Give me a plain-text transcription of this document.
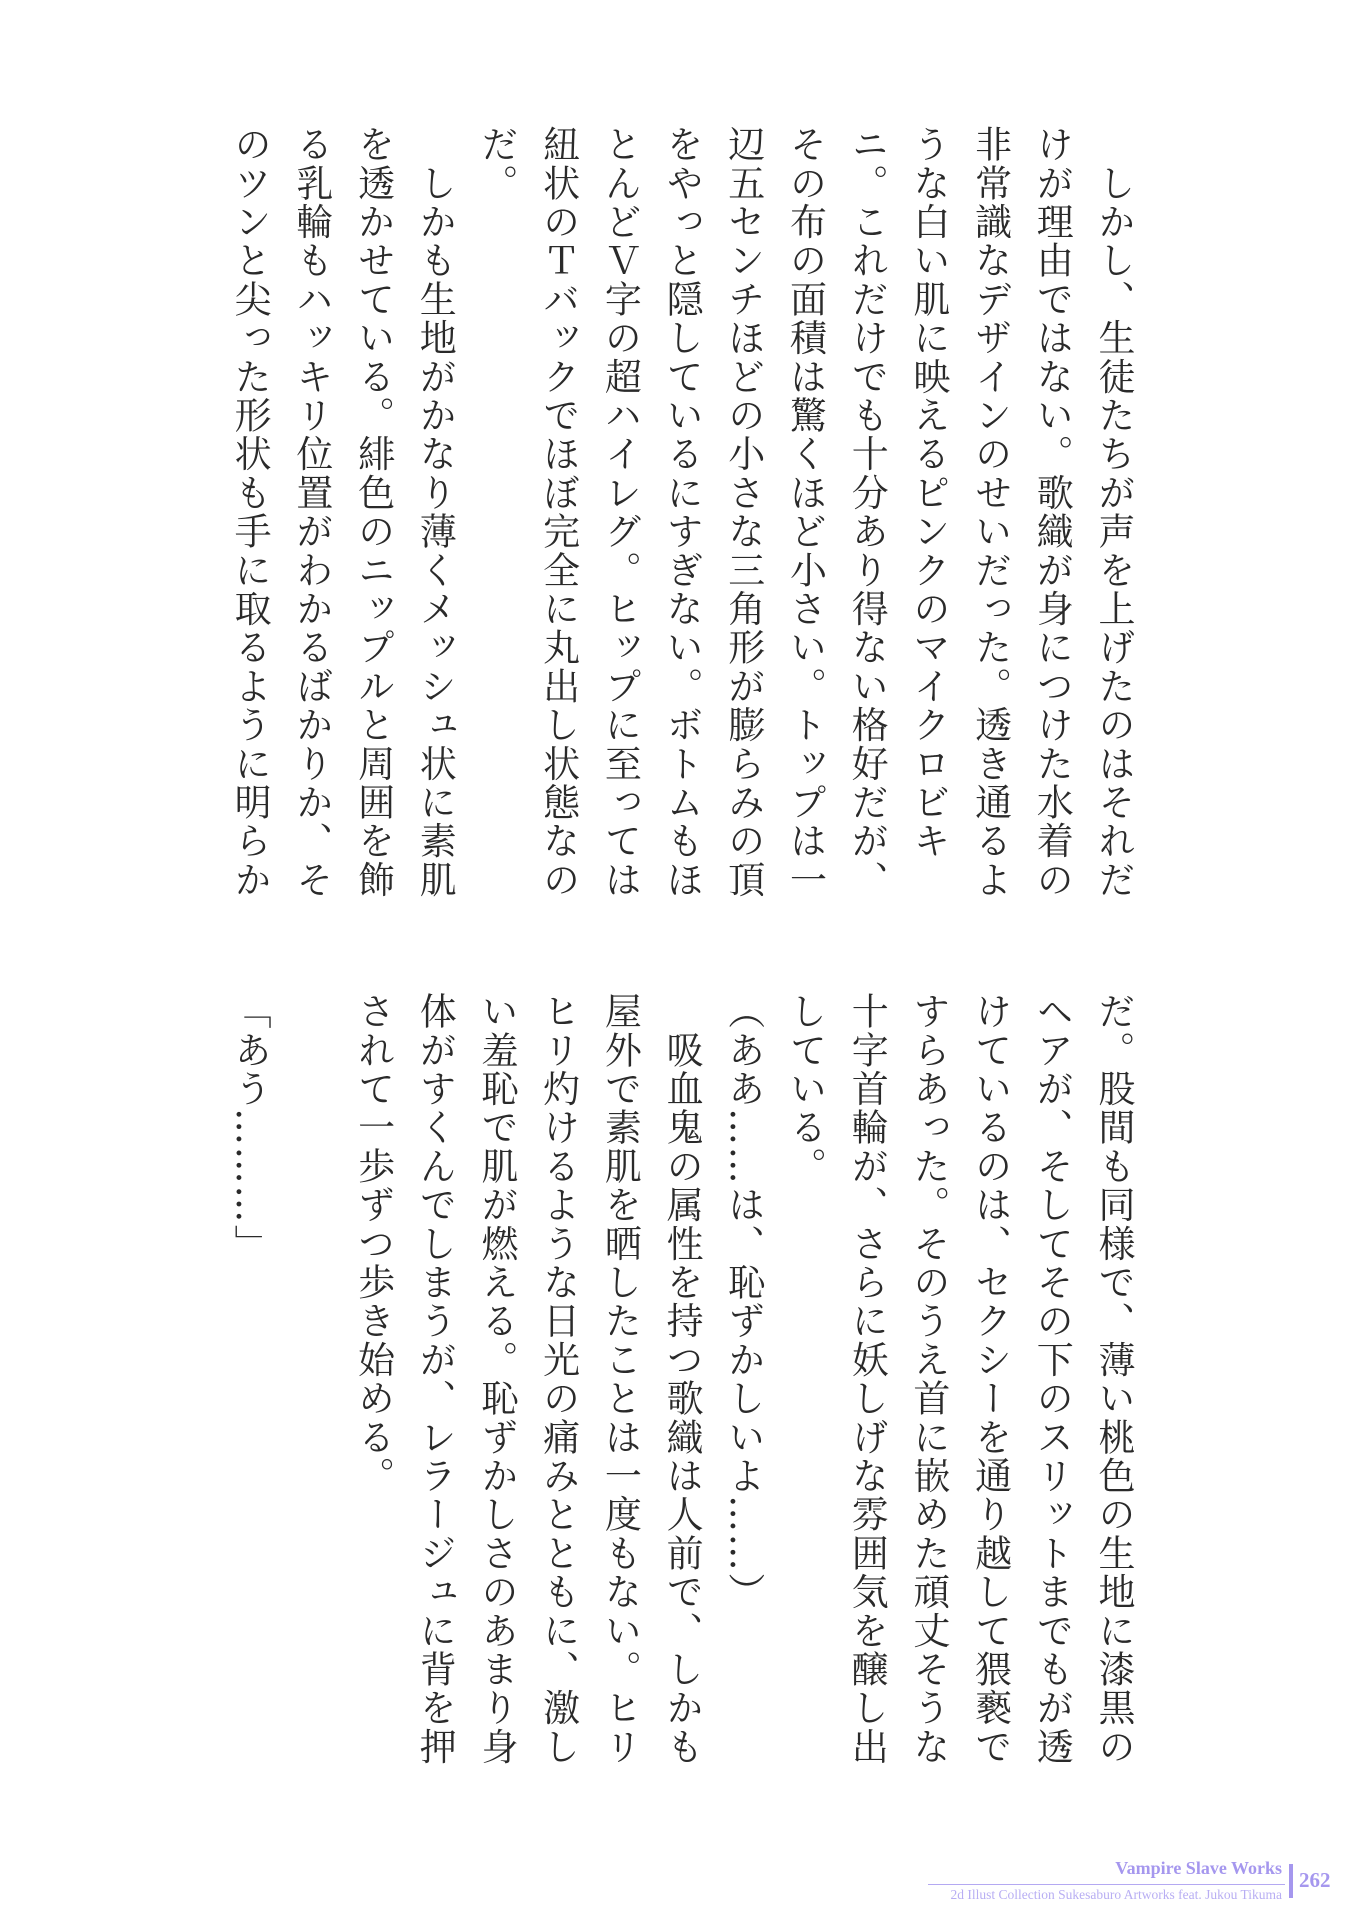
　しかし、生徒たちが声を上げたのはそれだ
けが理由ではない。歌織が身につけた水着の
非常識なデザインのせいだった。透き通るよ
うな白い肌に映えるピンクのマイクロビキ
ニ。これだけでも十分あり得ない格好だが、
その布の面積は驚くほど小さい。トップは一
辺五センチほどの小さな三角形が膨らみの頂
をやっと隠しているにすぎない。ボトムもほ
とんどＶ字の超ハイレグ。ヒップに至っては
紐状のＴバックでほぼ完全に丸出し状態なの
だ。
　しかも生地がかなり薄くメッシュ状に素肌
を透かせている。緋色のニップルと周囲を飾
る乳輪もハッキリ位置がわかるばかりか、そ
のツンと尖った形状も手に取るように明らか
だ。股間も同様で、薄い桃色の生地に漆黒の
ヘアが、そしてその下のスリットまでもが透
けているのは、セクシーを通り越して猥褻で
すらあった。そのうえ首に嵌めた頑丈そうな
十字首輪が、さらに妖しげな雰囲気を醸し出
している。
（ああ……は、恥ずかしいよ……）
　吸血鬼の属性を持つ歌織は人前で、しかも
屋外で素肌を晒したことは一度もない。ヒリ
ヒリ灼けるような日光の痛みとともに、激し
い羞恥で肌が燃える。恥ずかしさのあまり身
体がすくんでしまうが、レラージュに背を押
されて一歩ずつ歩き始める。

「あう………」
Vampire Slave Works
2d Illust Collection Sukesaburo Artworks feat. Jukou Tikuma
262
